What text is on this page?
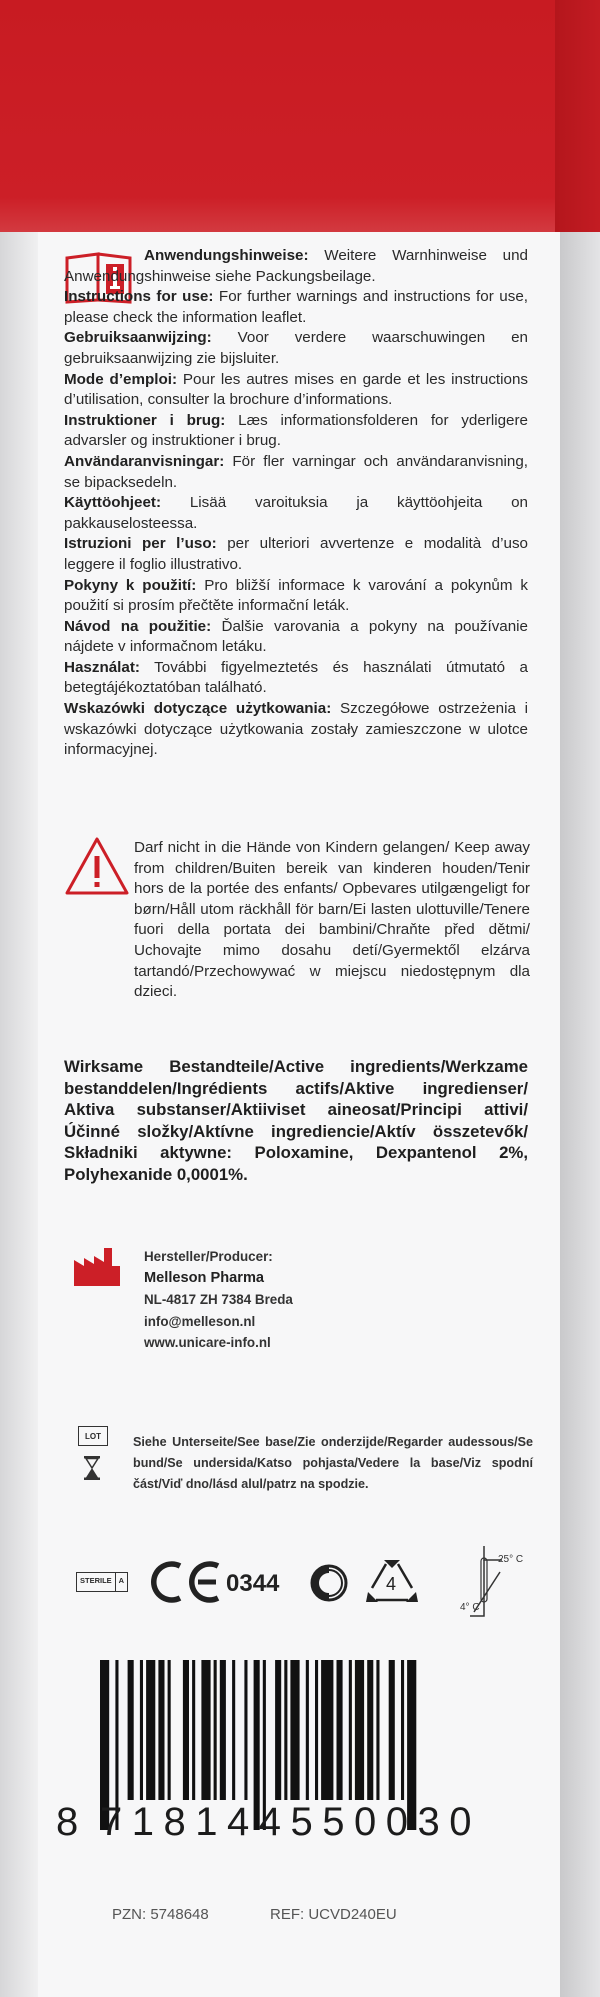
Anwendungshinweise: Weitere Warnhinweise und Anwendungshinweise siehe Packungsbeilage.

Instructions for use: For further warnings and instructions for use, please check the information leaflet.

Gebruiksaanwijzing: Voor verdere waarschuwingen en gebruiksaanwijzing zie bijsluiter.

Mode d’emploi: Pour les autres mises en garde et les instructions d’utilisation, consulter la brochure d’informations.

Instruktioner i brug: Læs informationsfolderen for yderligere advarsler og instruktioner i brug.

Användaranvisningar: För fler varningar och användaranvisning, se bipacksedeln.

Käyttöohjeet: Lisää varoituksia ja käyttöohjeita on pakkauselosteessa.

Istruzioni per l’uso: per ulteriori avvertenze e modalità d’uso leggere il foglio illustrativo.

Pokyny k použití: Pro bližší informace k varování a pokynům k použití si prosím přečtěte informační leták.

Návod na použitie: Ďalšie varovania a pokyny na používanie nájdete v informačnom letáku.

Használat: További figyelmeztetés és használati útmutató a betegtájékoztatóban található.

Wskazówki dotyczące użytkowania: Szczegółowe ostrzeżenia i wskazówki dotyczące użytkowania zostały zamieszczone w ulotce informacyjnej.

Darf nicht in die Hände von Kindern gelangen/ Keep away from children/Buiten bereik van kinderen houden/Tenir hors de la portée des enfants/ Opbevares utilgængeligt for børn/Håll utom räckhåll för barn/Ei lasten ulottuville/Tenere fuori della portata dei bambini/Chraňte před dětmi/ Uchovajte mimo dosahu detí/Gyermektől elzárva tartandó/Przechowywać w miejscu niedostępnym dla dzieci.
Wirksame Bestandteile/Active ingredients/Werkzame bestanddelen/Ingrédients actifs/Aktive ingredienser/ Aktiva substanser/Aktiiviset aineosat/Principi attivi/ Účinné složky/Aktívne ingrediencie/Aktív összetevők/ Składniki aktywne: Poloxamine, Dexpantenol 2%, Polyhexanide 0,0001%.
Hersteller/Producer:
Melleson Pharma
NL-4817 ZH 7384 Breda
info@melleson.nl
www.unicare-info.nl
LOT	Siehe Unterseite/See base/Zie onderzijde/Regarder audessous/Se bund/Se undersida/Katso pohjasta/Vedere la base/Viz spodní část/Viď dno/lásd alul/patrz na spodzie.
STERILE A	0344	4
25° C
4° C
8 718144550030
PZN: 5748648	REF: UCVD240EU
